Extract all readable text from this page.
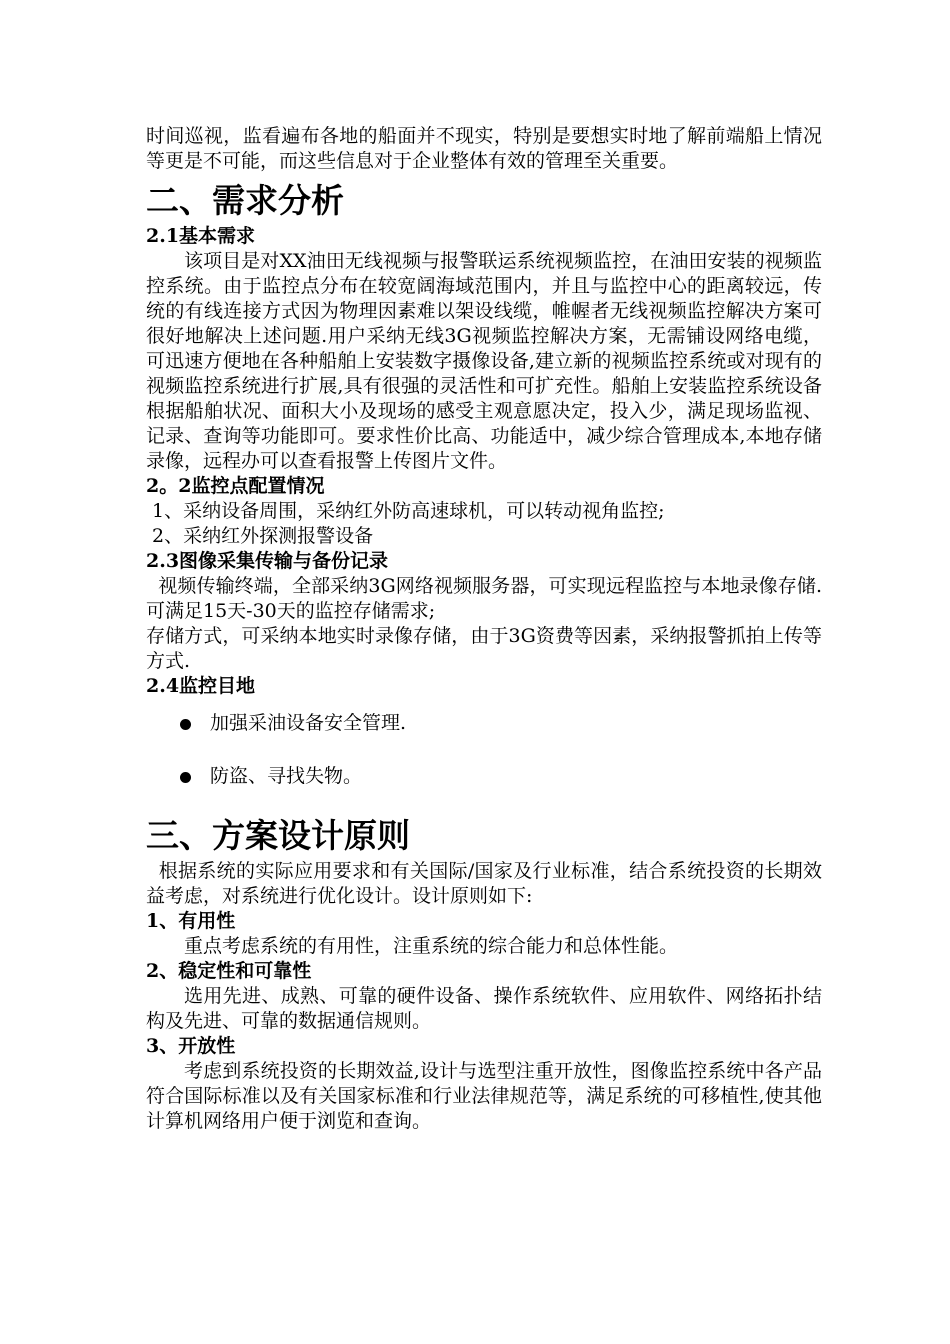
时间巡视，监看遍布各地的船面并不现实，特别是要想实时地了解前端船上情况等更是不可能，而这些信息对于企业整体有效的管理至关重要。

二、需求分析
2.1基本需求

该项目是对XX油田无线视频与报警联运系统视频监控，在油田安装的视频监控系统。由于监控点分布在较宽阔海域范围内，并且与监控中心的距离较远，传统的有线连接方式因为物理因素难以架设线缆，帷幄者无线视频监控解决方案可很好地解决上述问题.用户采纳无线3G视频监控解决方案，无需铺设网络电缆，可迅速方便地在各种船舶上安装数字摄像设备,建立新的视频监控系统或对现有的视频监控系统进行扩展,具有很强的灵活性和可扩充性。船舶上安装监控系统设备根据船舶状况、面积大小及现场的感受主观意愿决定，投入少，满足现场监视、记录、查询等功能即可。要求性价比高、功能适中，减少综合管理成本,本地存储录像，远程办可以查看报警上传图片文件。

2。2监控点配置情况

1、采纳设备周围，采纳红外防高速球机，可以转动视角监控;

2、采纳红外探测报警设备

2.3图像采集传输与备份记录

视频传输终端，全部采纳3G网络视频服务器，可实现远程监控与本地录像存储.可满足15天-30天的监控存储需求;

存储方式，可采纳本地实时录像存储，由于3G资费等因素，采纳报警抓拍上传等方式.

2.4监控目地
加强采油设备安全管理.
防盗、寻找失物。
三、方案设计原则

根据系统的实际应用要求和有关国际/国家及行业标准，结合系统投资的长期效益考虑，对系统进行优化设计。设计原则如下:

1、有用性

重点考虑系统的有用性，注重系统的综合能力和总体性能。

2、稳定性和可靠性

选用先进、成熟、可靠的硬件设备、操作系统软件、应用软件、网络拓扑结构及先进、可靠的数据通信规则。

3、开放性

考虑到系统投资的长期效益,设计与选型注重开放性，图像监控系统中各产品符合国际标准以及有关国家标准和行业法律规范等，满足系统的可移植性,使其他计算机网络用户便于浏览和查询。
